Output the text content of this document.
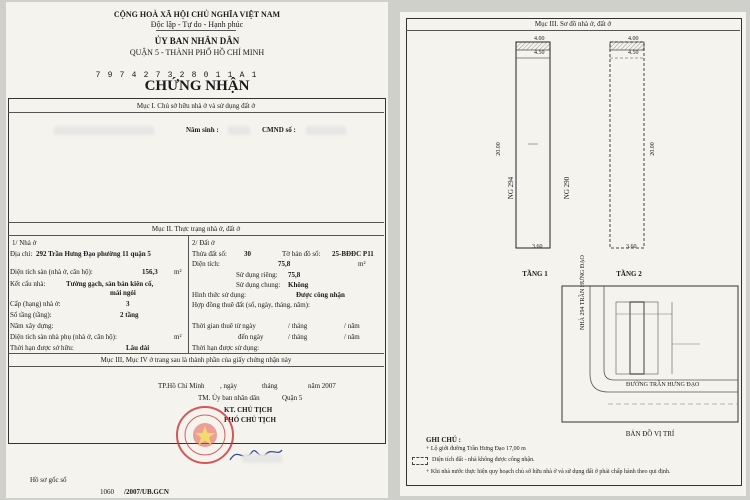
CỘNG HOÀ XÃ HỘI CHỦ NGHĨA VIỆT NAM
Độc lập - Tự do - Hạnh phúc
ỦY BAN NHÂN DÂN
QUẬN 5 - THÀNH PHỐ HỒ CHÍ MINH
7 9 7 4 2 7 3 2 8 0 1 1 A 1
CHỨNG NHẬN
Mục I. Chủ sở hữu nhà ở và sử dụng đất ở
Năm sinh :	CMND số :
Mục II. Thực trạng nhà ở, đất ở
1/ Nhà ở
Địa chỉ: 292 Trần Hưng Đạo phường 11 quận 5
Diện tích sàn (nhà ở, căn hộ):	156,3 m²
Kết cấu nhà:	Tường gạch, sàn bán kiên cố,
mái ngói
Cấp (hạng) nhà ở:	3
Số tầng (tầng):	2 tầng
Năm xây dựng:
Diện tích sàn nhà phụ (nhà ở, căn hộ):	m²
Thời hạn được sở hữu:	Lâu dài
2/ Đất ở
Thửa đất số: 30	Tờ bản đồ số: 25-BĐĐC P11
Diện tích:	75,8	m²
Sử dụng riêng: 75,8
Sử dụng chung: Không
Hình thức sử dụng:	Được công nhận
Hợp đồng thuê đất (số, ngày, tháng, năm):
Thời gian thuê từ ngày	/ tháng	/ năm
đến ngày	/ tháng	/ năm
Thời hạn được sử dụng:
Mục III, Mục IV ở trang sau là thành phần của giấy chứng nhận này
TP.Hồ Chí Minh , ngày	tháng	năm 2007
TM. Ủy ban nhân dân	Quận 5
KT. CHỦ TỊCH
PHÓ CHỦ TỊCH
Hồ sơ gốc số
1060 /2007/UB.GCN
Mục III. Sơ đồ nhà ở, đất ở
4.00
4.50
20.00
3.60
NG 294	NG 290
TẦNG 1
4.00
4.50
20.00
3.60
TẦNG 2
NHÀ 294 TRẦN HƯNG ĐẠO
ĐƯỜNG TRẦN HƯNG ĐẠO
BẢN ĐỒ VỊ TRÍ
GHI CHÚ :
+ Lộ giới đường Trần Hưng Đạo 17,00 m
Diện tích đất - nhà không được công nhận.
+ Khi nhà nước thực hiện quy hoạch chủ sở hữu nhà ở và sử dụng đất ở phải chấp hành theo qui định.
